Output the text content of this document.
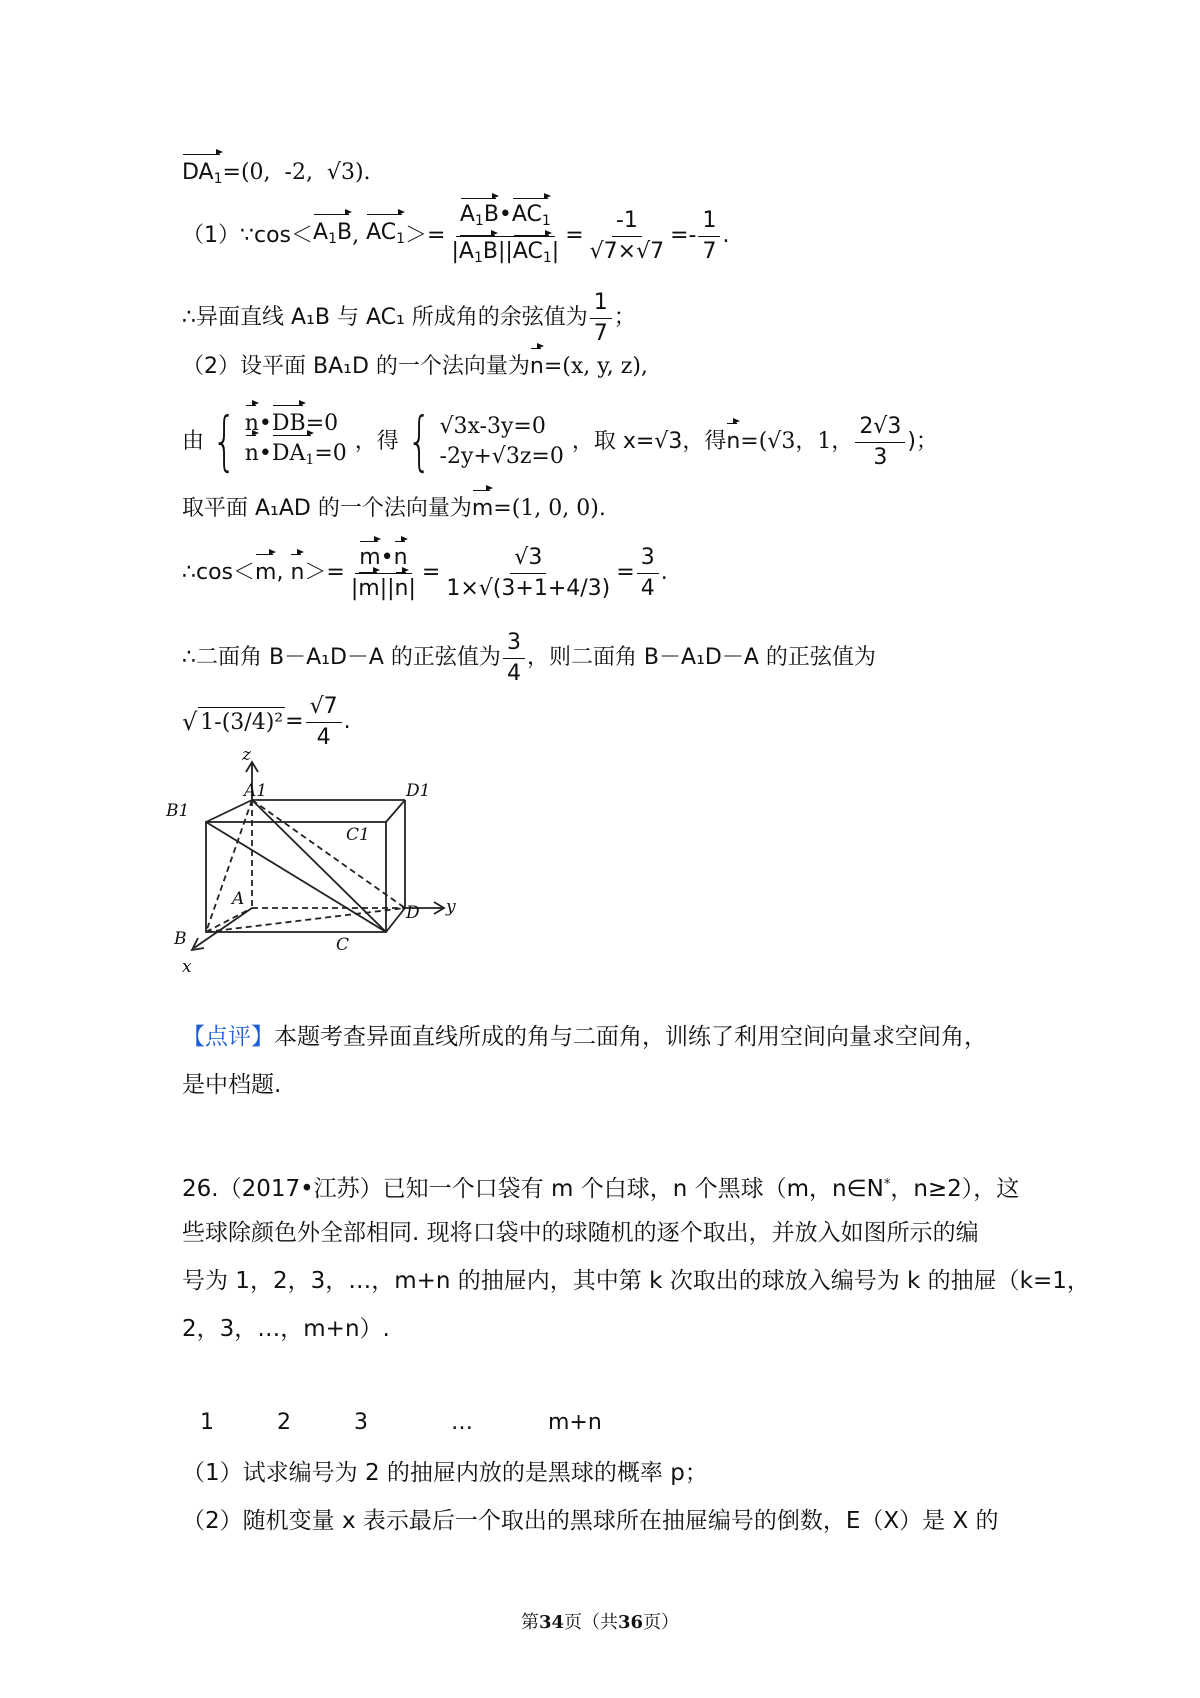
$DA_1=(0$,  -2,  √3).
（1）∵cos＜ $A_1B$ , $AC_1 >= \frac{A_1B•AC_1}{|A_1B||AC_1|} = \frac{-1}{√7\times√7} =- \frac{1}{7}$ .
∴异面直线 A₁B 与 AC₁ 所成角的余弦值为 $\frac{1}{7}$ ；
（2）设平面 BA₁D 的一个法向量为n=(x, y, z),
由 { n•DB=0
$n•DA_1=0$ ，得 { √3x-3y=0
-2y+√3z=0
，取 x=√3，得 n =(√3，1， $\frac{2√3}{3}$ )；
取平面 A₁AD 的一个法向量为m=(1, 0, 0).
∴cos ＜ m , $n >= \frac{m•n}{|m||n|} = \frac{√3}{1\times√(3+1+4/3)} = \frac{3}{4}$ .
∴二面角 B－A₁D－A 的正弦值为 $\frac{3}{4}$ ，则二面角 B－A₁D－A 的正弦值为
√ $1-(3/4)^2 = \frac{√7}{4}$ .
z
A1	D1
B1
C1
A
D y
B	C
x
【点评】本题考查异面直线所成的角与二面角，训练了利用空间向量求空间角，
是中档题.
26.（2017•江苏）已知一个口袋有 m 个白球，n 个黑球（m，n∈N*，n≥2），这
些球除颜色外全部相同. 现将口袋中的球随机的逐个取出，并放入如图所示的编
号为 1，2，3，…，m+n 的抽屉内，其中第 k 次取出的球放入编号为 k 的抽屉（k=1，
2，3，…，m+n）.
1	2	3	…	m+n
（1）试求编号为 2 的抽屉内放的是黑球的概率 p；
（2）随机变量 x 表示最后一个取出的黑球所在抽屉编号的倒数，E（X）是 X 的
第34页（共36页）
